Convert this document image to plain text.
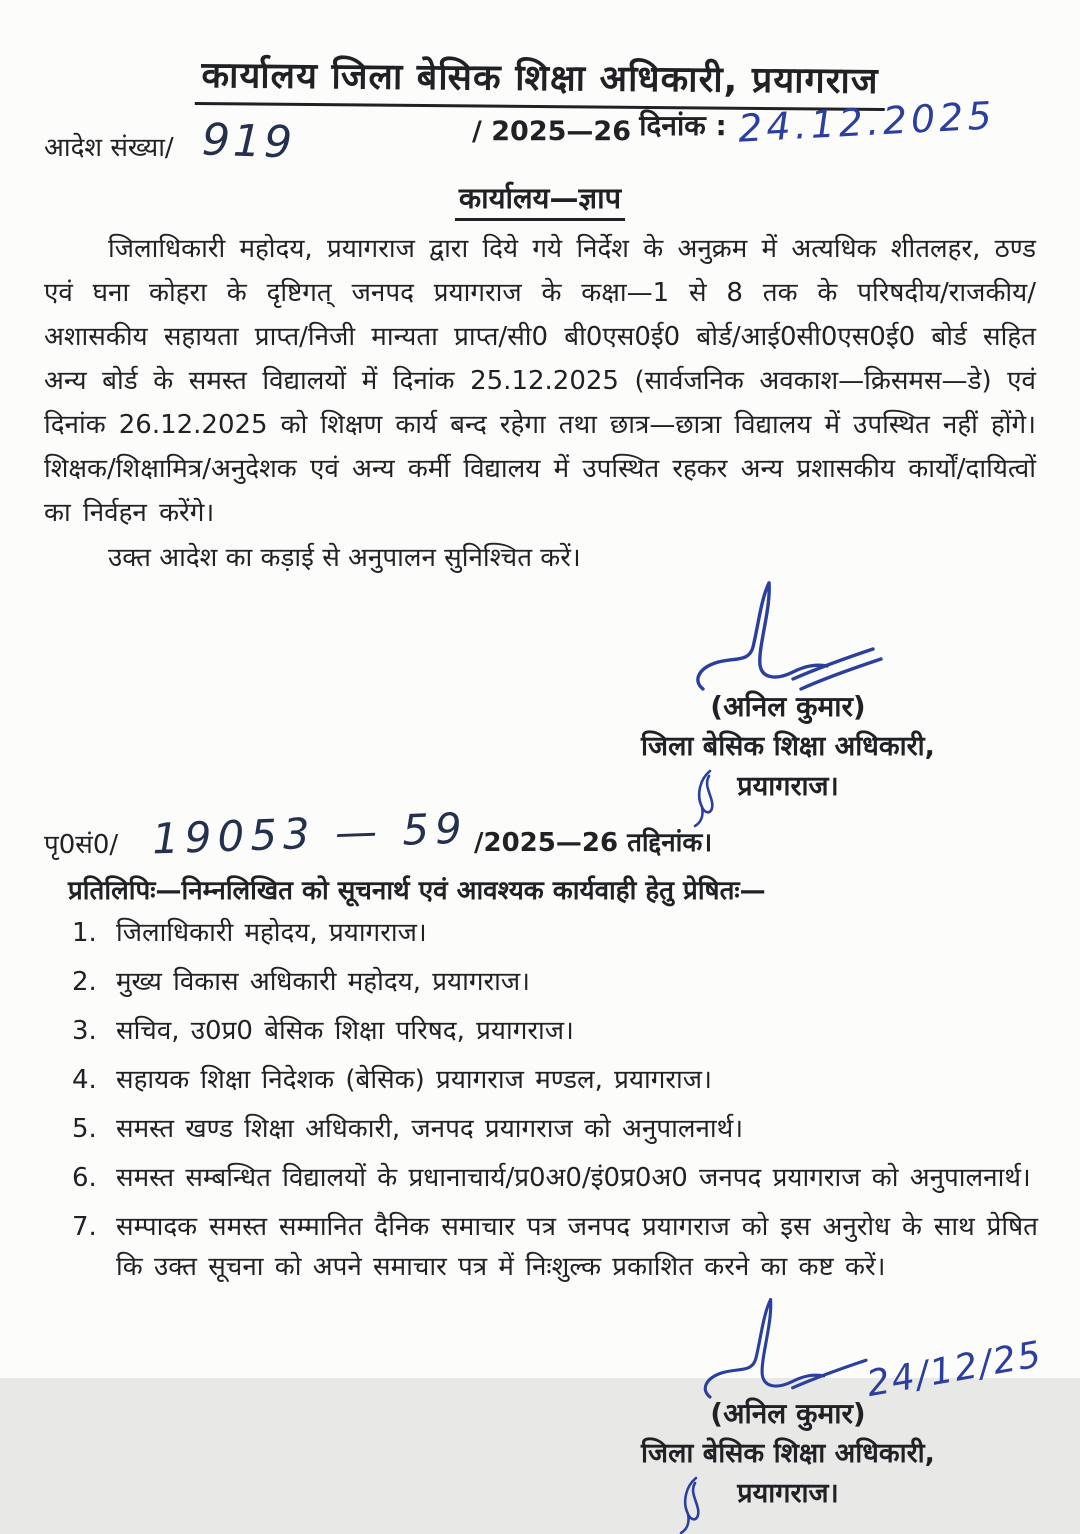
कार्यालय जिला बेसिक शिक्षा अधिकारी, प्रयागराज
आदेश संख्या/ 919	/ 2025—26 दिनांक : 24.12.2025
कार्यालय—ज्ञाप

जिलाधिकारी महोदय, प्रयागराज द्वारा दिये गये निर्देश के अनुक्रम में अत्यधिक शीतलहर, ठण्ड एवं घना कोहरा के दृष्टिगत् जनपद प्रयागराज के कक्षा—1 से 8 तक के परिषदीय/राजकीय/अशासकीय सहायता प्राप्त/निजी मान्यता प्राप्त/सी0 बी0एस0ई0 बोर्ड/आई0सी0एस0ई0 बोर्ड सहित अन्य बोर्ड के समस्त विद्यालयों में दिनांक 25.12.2025 (सार्वजनिक अवकाश—क्रिसमस—डे) एवं दिनांक 26.12.2025 को शिक्षण कार्य बन्द रहेगा तथा छात्र—छात्रा विद्यालय में उपस्थित नहीं होंगे। शिक्षक/शिक्षामित्र/अनुदेशक एवं अन्य कर्मी विद्यालय में उपस्थित रहकर अन्य प्रशासकीय कार्यों/दायित्वों का निर्वहन करेंगे।

उक्त आदेश का कड़ाई से अनुपालन सुनिश्चित करें।

(अनिल कुमार)
जिला बेसिक शिक्षा अधिकारी,
प्रयागराज।
पृ0सं0/ 19053 — 59 /2025—26 तद्दिनांक।
प्रतिलिपिः—निम्नलिखित को सूचनार्थ एवं आवश्यक कार्यवाही हेतु प्रेषितः—
जिलाधिकारी महोदय, प्रयागराज।
मुख्य विकास अधिकारी महोदय, प्रयागराज।
सचिव, उ0प्र0 बेसिक शिक्षा परिषद, प्रयागराज।
सहायक शिक्षा निदेशक (बेसिक) प्रयागराज मण्डल, प्रयागराज।
समस्त खण्ड शिक्षा अधिकारी, जनपद प्रयागराज को अनुपालनार्थ।
समस्त सम्बन्धित विद्यालयों के प्रधानाचार्य/प्र0अ0/इं0प्र0अ0 जनपद प्रयागराज को अनुपालनार्थ।
सम्पादक समस्त सम्मानित दैनिक समाचार पत्र जनपद प्रयागराज को इस अनुरोध के साथ प्रेषित कि उक्त सूचना को अपने समाचार पत्र में निःशुल्क प्रकाशित करने का कष्ट करें।
24/12/25
(अनिल कुमार)
जिला बेसिक शिक्षा अधिकारी,
प्रयागराज।
